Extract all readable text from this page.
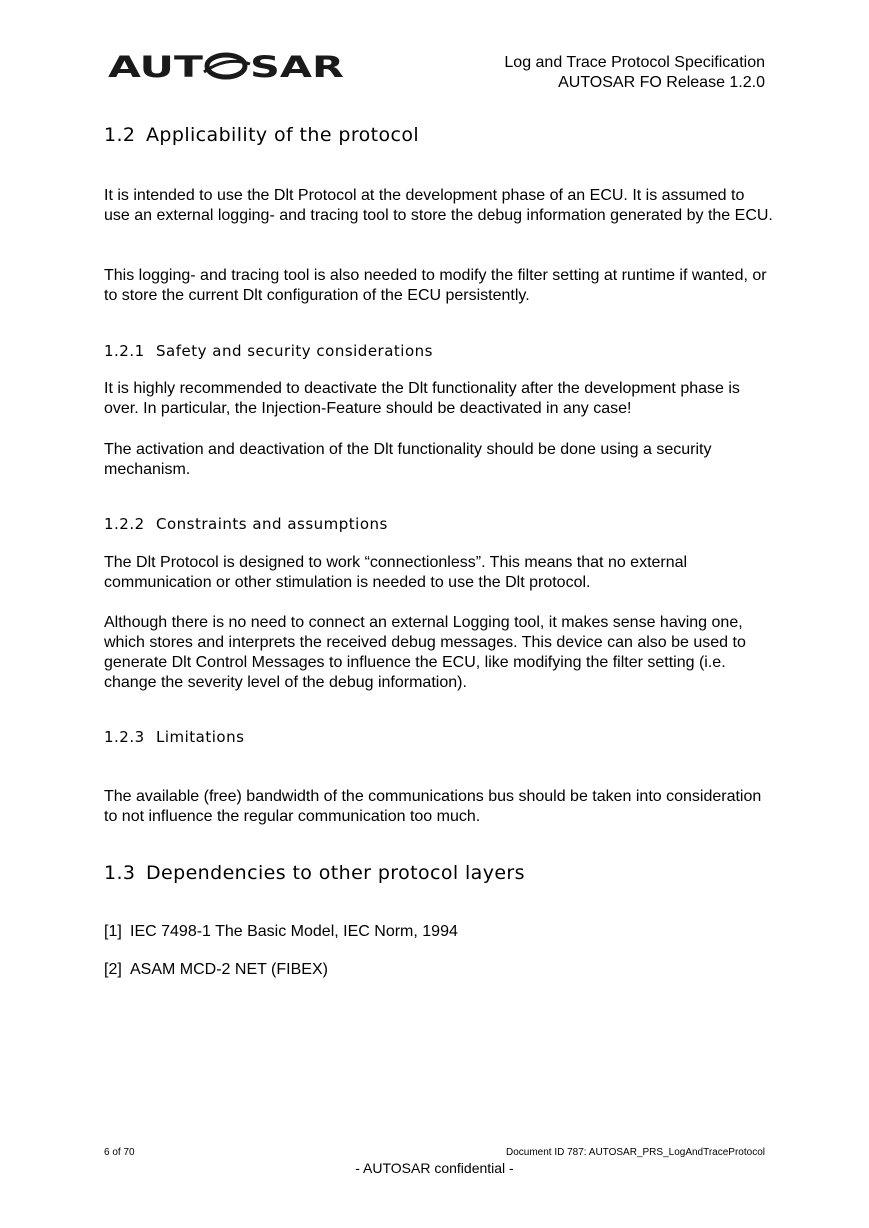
AUT SAR	Log and Trace Protocol Specification
AUTOSAR FO Release 1.2.0
1.2 Applicability of the protocol
It is intended to use the Dlt Protocol at the development phase of an ECU. It is assumed to use an external logging- and tracing tool to store the debug information generated by the ECU.
This logging- and tracing tool is also needed to modify the filter setting at runtime if wanted, or to store the current Dlt configuration of the ECU persistently.
1.2.1 Safety and security considerations
It is highly recommended to deactivate the Dlt functionality after the development phase is over. In particular, the Injection-Feature should be deactivated in any case!
The activation and deactivation of the Dlt functionality should be done using a security mechanism.
1.2.2 Constraints and assumptions
The Dlt Protocol is designed to work “connectionless”. This means that no external communication or other stimulation is needed to use the Dlt protocol.
Although there is no need to connect an external Logging tool, it makes sense having one, which stores and interprets the received debug messages. This device can also be used to generate Dlt Control Messages to influence the ECU, like modifying the filter setting (i.e. change the severity level of the debug information).
1.2.3 Limitations
The available (free) bandwidth of the communications bus should be taken into consideration to not influence the regular communication too much.
1.3 Dependencies to other protocol layers
[1] IEC 7498-1 The Basic Model, IEC Norm, 1994
[2] ASAM MCD-2 NET (FIBEX)
6 of 70	Document ID 787: AUTOSAR_PRS_LogAndTraceProtocol
- AUTOSAR confidential -
